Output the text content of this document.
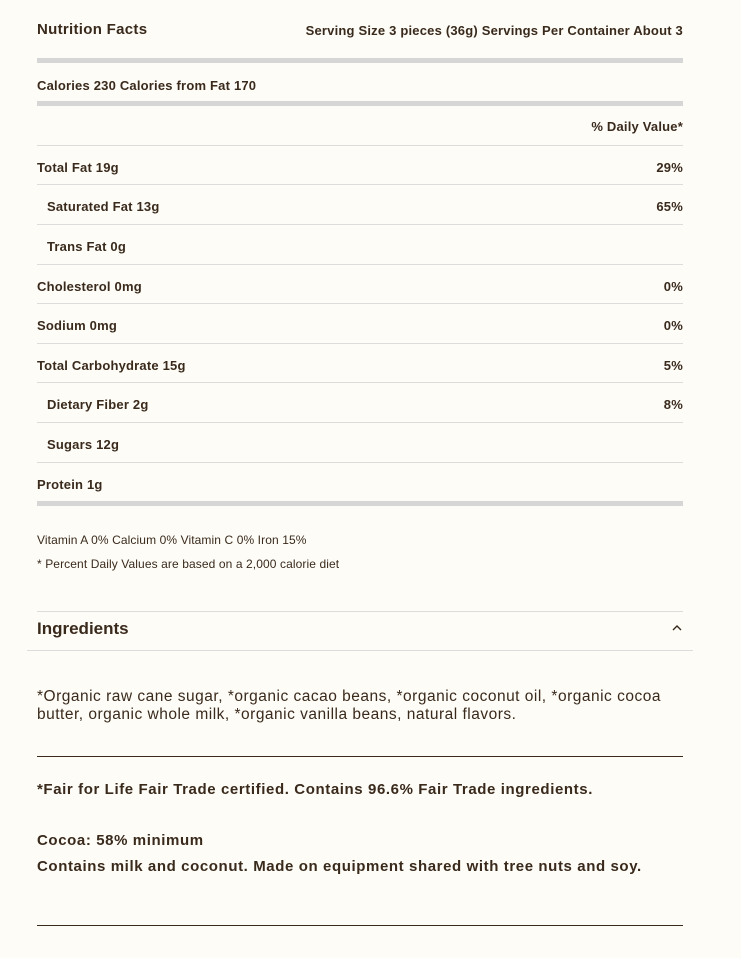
Nutrition Facts	Serving Size 3 pieces (36g) Servings Per Container About 3
Calories 230 Calories from Fat 170
% Daily Value*
Total Fat 19g	29%
Saturated Fat 13g	65%
Trans Fat 0g
Cholesterol 0mg	0%
Sodium 0mg	0%
Total Carbohydrate 15g	5%
Dietary Fiber 2g	8%
Sugars 12g
Protein 1g
Vitamin A 0% Calcium 0% Vitamin C 0% Iron 15%
* Percent Daily Values are based on a 2,000 calorie diet
Ingredients
*Organic raw cane sugar, *organic cacao beans, *organic coconut oil, *organic cocoa butter, organic whole milk, *organic vanilla beans, natural flavors.
*Fair for Life Fair Trade certified. Contains 96.6% Fair Trade ingredients.
Cocoa: 58% minimum
Contains milk and coconut. Made on equipment shared with tree nuts and soy.
